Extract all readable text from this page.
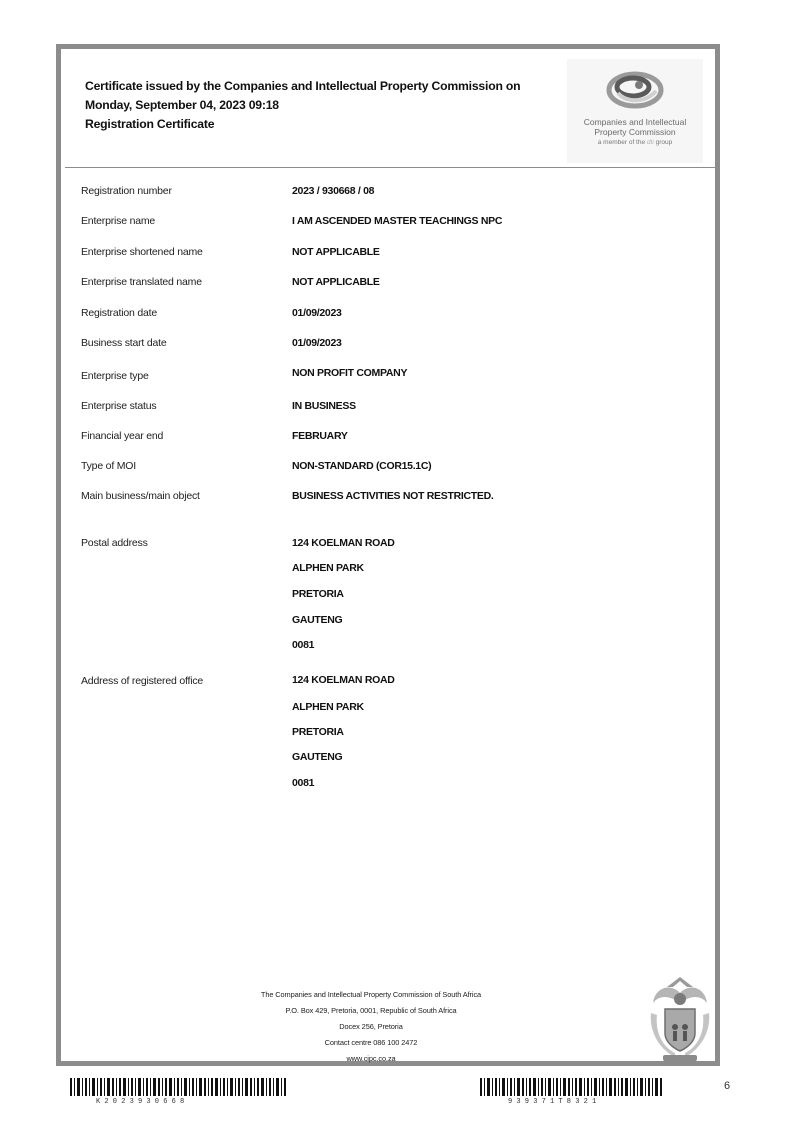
Certificate issued by the Companies and Intellectual Property Commission on
Monday, September 04, 2023 09:18
Registration Certificate	Companies and Intellectual
Property Commission
a member of the dti group
Registration number	2023 / 930668 / 08
Enterprise name	I AM ASCENDED MASTER TEACHINGS NPC
Enterprise shortened name	NOT APPLICABLE
Enterprise translated name	NOT APPLICABLE
Registration date	01/09/2023
Business start date	01/09/2023
Enterprise type	NON PROFIT COMPANY
Enterprise status	IN BUSINESS
Financial year end	FEBRUARY
Type of MOI	NON-STANDARD (COR15.1C)
Main business/main object	BUSINESS ACTIVITIES NOT RESTRICTED.
Postal address	124 KOELMAN ROAD
ALPHEN PARK
PRETORIA
GAUTENG
0081
Address of registered office	124 KOELMAN ROAD
ALPHEN PARK
PRETORIA
GAUTENG
0081
The Companies and Intellectual Property Commission of South Africa
P.O. Box 429, Pretoria, 0001, Republic of South Africa
Docex 256, Pretoria
Contact centre 086 100 2472
www.cipc.co.za
K 2 0 2 3 9 3 0 6 6 8	9 3 9 3 7 1 T 8 3 2 1
6
